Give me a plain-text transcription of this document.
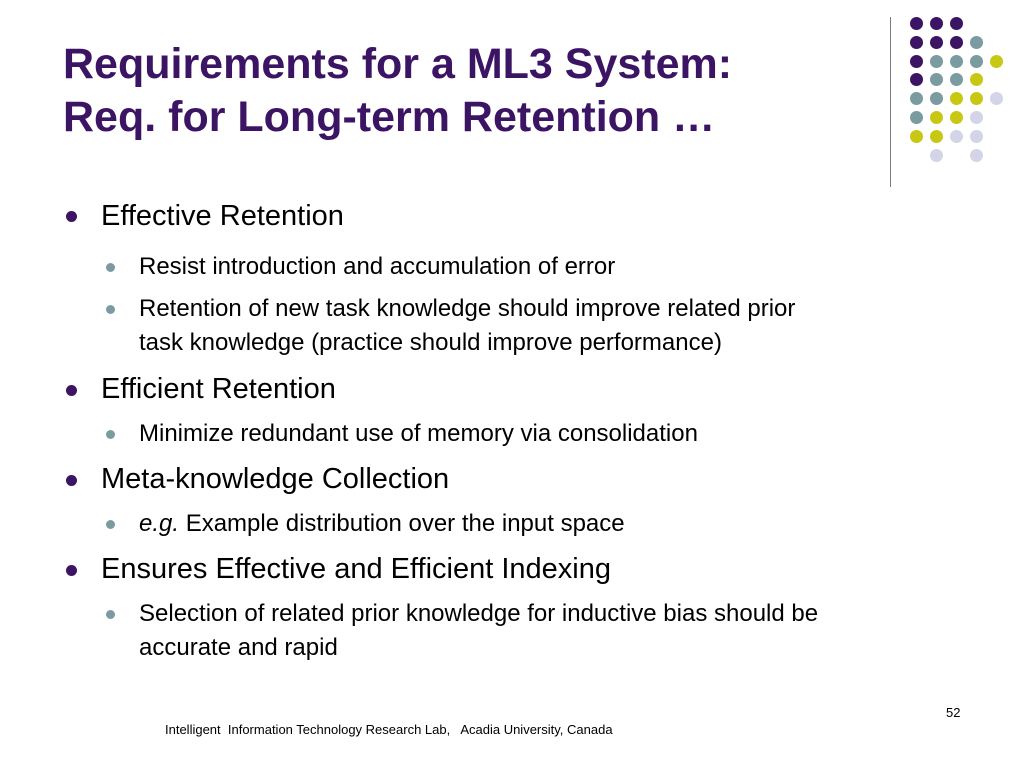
Requirements for a ML3 System:
Req. for Long-term Retention …

Effective Retention

Resist introduction and accumulation of error

Retention of new task knowledge should improve related prior
task knowledge (practice should improve performance)

Efficient Retention

Minimize redundant use of memory via consolidation

Meta-knowledge Collection

e.g. Example distribution over the input space

Ensures Effective and Efficient Indexing

Selection of related prior knowledge for inductive bias should be
accurate and rapid

52
Intelligent  Information Technology Research Lab,   Acadia University, Canada
